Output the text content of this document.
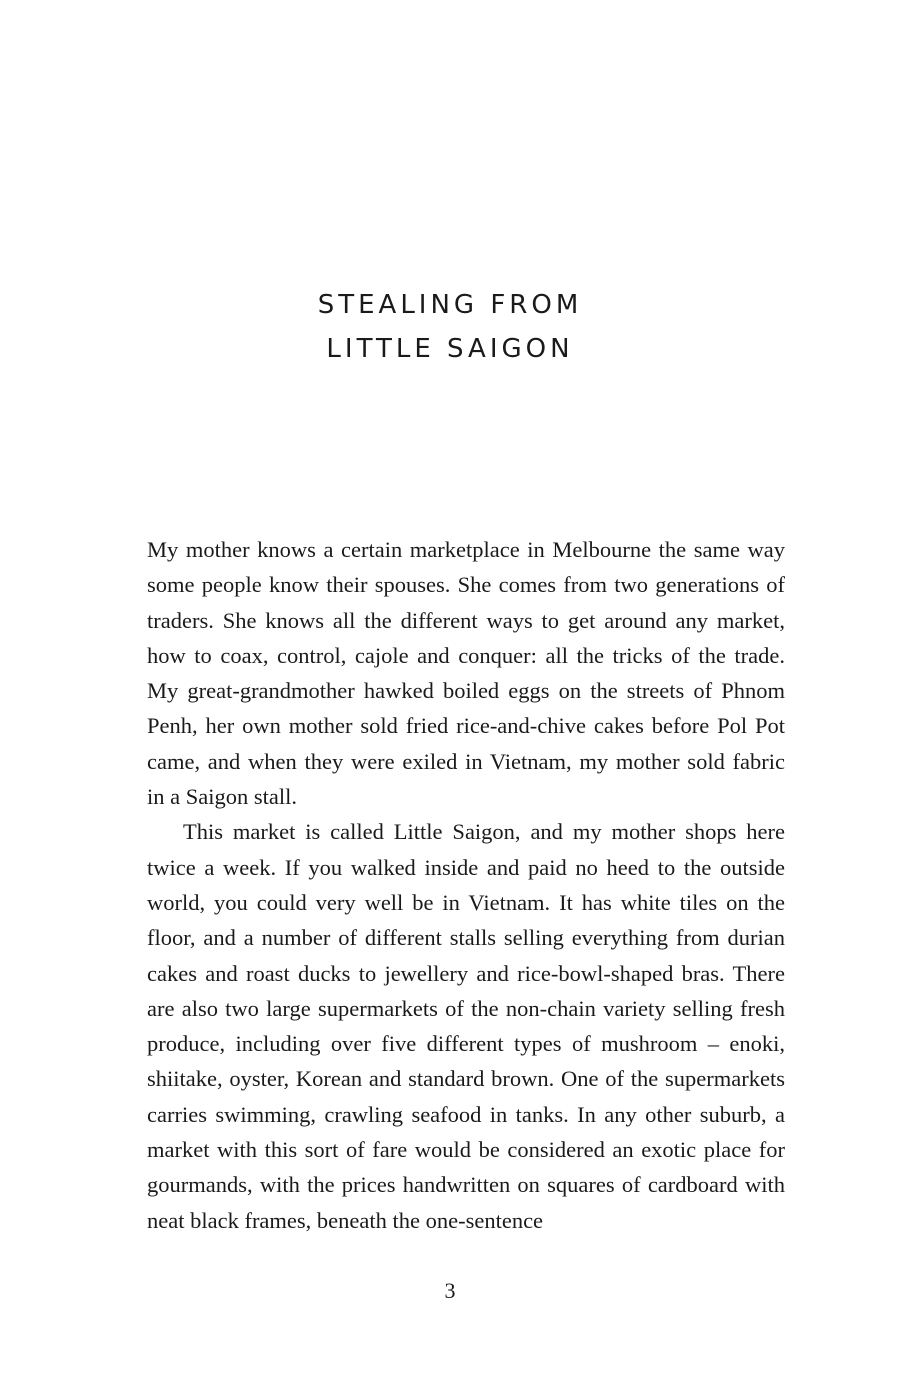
STEALING FROM
LITTLE SAIGON

My mother knows a certain marketplace in Melbourne the same way some people know their spouses. She comes from two generations of traders. She knows all the different ways to get around any market, how to coax, control, cajole and conquer: all the tricks of the trade. My great-grandmother hawked boiled eggs on the streets of Phnom Penh, her own mother sold fried rice-and-chive cakes before Pol Pot came, and when they were exiled in Vietnam, my mother sold fabric in a Saigon stall.

This market is called Little Saigon, and my mother shops here twice a week. If you walked inside and paid no heed to the outside world, you could very well be in Vietnam. It has white tiles on the floor, and a number of different stalls selling everything from durian cakes and roast ducks to jewellery and rice-bowl-shaped bras. There are also two large supermarkets of the non-chain variety selling fresh produce, including over five different types of mushroom – enoki, shiitake, oyster, Korean and standard brown. One of the supermarkets carries swimming, crawling seafood in tanks. In any other suburb, a market with this sort of fare would be considered an exotic place for gourmands, with the prices handwritten on squares of cardboard with neat black frames, beneath the one-sentence

3
